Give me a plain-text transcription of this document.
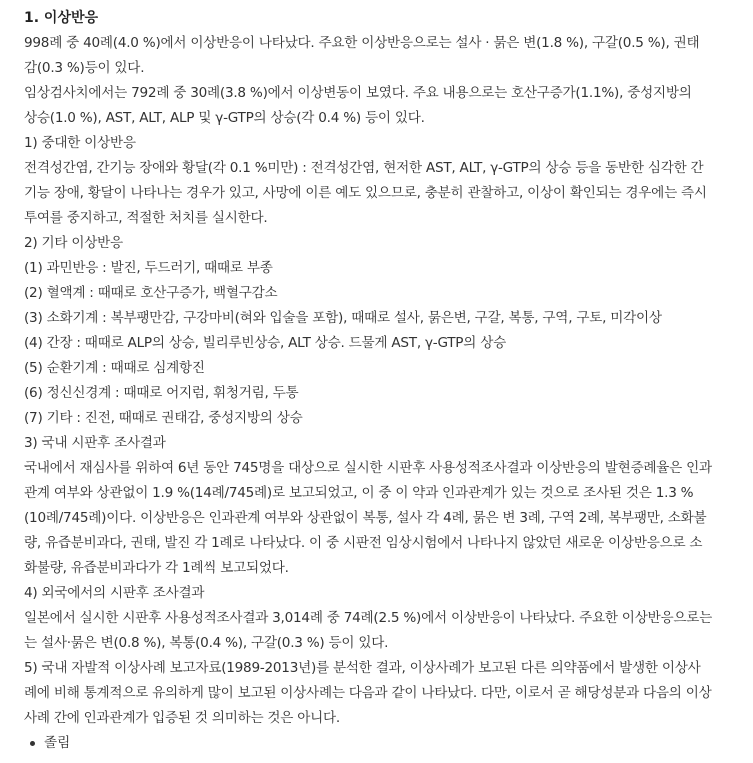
1. 이상반응
998례 중 40례(4.0 %)에서 이상반응이 나타났다. 주요한 이상반응으로는 설사 · 묽은 변(1.8 %), 구갈(0.5 %), 권태
감(0.3 %)등이 있다.
임상검사치에서는 792례 중 30례(3.8 %)에서 이상변동이 보였다. 주요 내용으로는 호산구증가(1.1%), 중성지방의
상승(1.0 %), AST, ALT, ALP 및 γ-GTP의 상승(각 0.4 %) 등이 있다.
1) 중대한 이상반응
전격성간염, 간기능 장애와 황달(각 0.1 %미만) : 전격성간염, 현저한 AST, ALT, γ-GTP의 상승 등을 동반한 심각한 간
기능 장애, 황달이 나타나는 경우가 있고, 사망에 이른 예도 있으므로, 충분히 관찰하고, 이상이 확인되는 경우에는 즉시
투여를 중지하고, 적절한 처치를 실시한다.
2) 기타 이상반응
(1) 과민반응 : 발진, 두드러기, 때때로 부종
(2) 혈액계 : 때때로 호산구증가, 백혈구감소
(3) 소화기계 : 복부팽만감, 구강마비(혀와 입술을 포함), 때때로 설사, 묽은변, 구갈, 복통, 구역, 구토, 미각이상
(4) 간장 : 때때로 ALP의 상승, 빌리루빈상승, ALT 상승. 드물게 AST, γ-GTP의 상승
(5) 순환기계 : 때때로 심계항진
(6) 정신신경계 : 때때로 어지럼, 휘청거림, 두통
(7) 기타 : 진전, 때때로 권태감, 중성지방의 상승
3) 국내 시판후 조사결과
국내에서 재심사를 위하여 6년 동안 745명을 대상으로 실시한 시판후 사용성적조사결과 이상반응의 발현증례율은 인과
관계 여부와 상관없이 1.9 %(14례/745례)로 보고되었고, 이 중 이 약과 인과관계가 있는 것으로 조사된 것은 1.3 %
(10례/745례)이다. 이상반응은 인과관계 여부와 상관없이 복통, 설사 각 4례, 묽은 변 3례, 구역 2례, 복부팽만, 소화불
량, 유즙분비과다, 권태, 발진 각 1례로 나타났다. 이 중 시판전 임상시험에서 나타나지 않았던 새로운 이상반응으로 소
화불량, 유즙분비과다가 각 1례씩 보고되었다.
4) 외국에서의 시판후 조사결과
일본에서 실시한 시판후 사용성적조사결과 3,014례 중 74례(2.5 %)에서 이상반응이 나타났다. 주요한 이상반응으로는
는 설사·묽은 변(0.8 %), 복통(0.4 %), 구갈(0.3 %) 등이 있다.
5) 국내 자발적 이상사례 보고자료(1989-2013년)를 분석한 결과, 이상사례가 보고된 다른 의약품에서 발생한 이상사
례에 비해 통계적으로 유의하게 많이 보고된 이상사례는 다음과 같이 나타났다. 다만, 이로서 곧 해당성분과 다음의 이상
사례 간에 인과관계가 입증된 것 의미하는 것은 아니다.
졸림
